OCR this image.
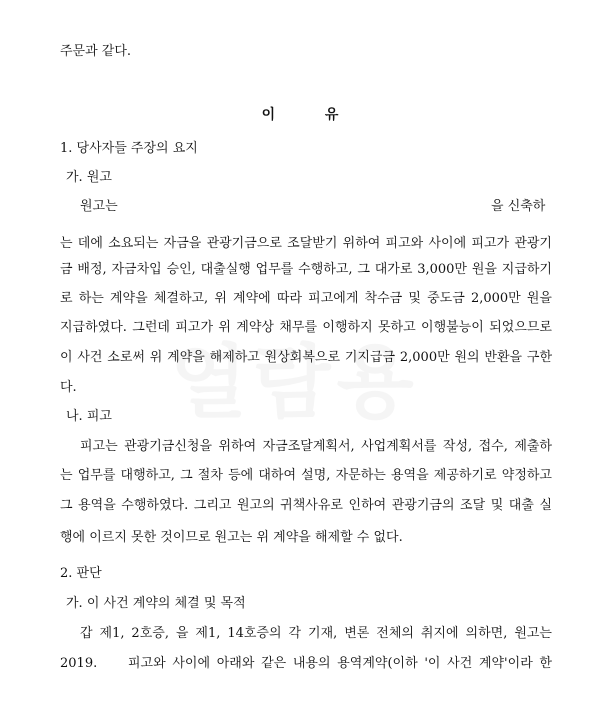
주문과 같다.
이	유
1. 당사자들 주장의 요지
가. 원고
원고는	을 신축하
는 데에 소요되는 자금을 관광기금으로 조달받기 위하여 피고와 사이에 피고가 관광기
금 배정, 자금차입 승인, 대출실행 업무를 수행하고, 그 대가로 3,000만 원을 지급하기
로 하는 계약을 체결하고, 위 계약에 따라 피고에게 착수금 및 중도금 2,000만 원을
지급하였다. 그런데 피고가 위 계약상 채무를 이행하지 못하고 이행불능이 되었으므로
이 사건 소로써 위 계약을 해제하고 원상회복으로 기지급금 2,000만 원의 반환을 구한
다.
나. 피고
피고는 관광기금신청을 위하여 자금조달계획서, 사업계획서를 작성, 접수, 제출하
는 업무를 대행하고, 그 절차 등에 대하여 설명, 자문하는 용역을 제공하기로 약정하고
그 용역을 수행하였다. 그리고 원고의 귀책사유로 인하여 관광기금의 조달 및 대출 실
행에 이르지 못한 것이므로 원고는 위 계약을 해제할 수 없다.
2. 판단
가. 이 사건 계약의 체결 및 목적
갑 제1, 2호증, 을 제1, 14호증의 각 기재, 변론 전체의 취지에 의하면, 원고는
2019. 피고와 사이에 아래와 같은 내용의 용역계약(이하 '이 사건 계약'이라 한
